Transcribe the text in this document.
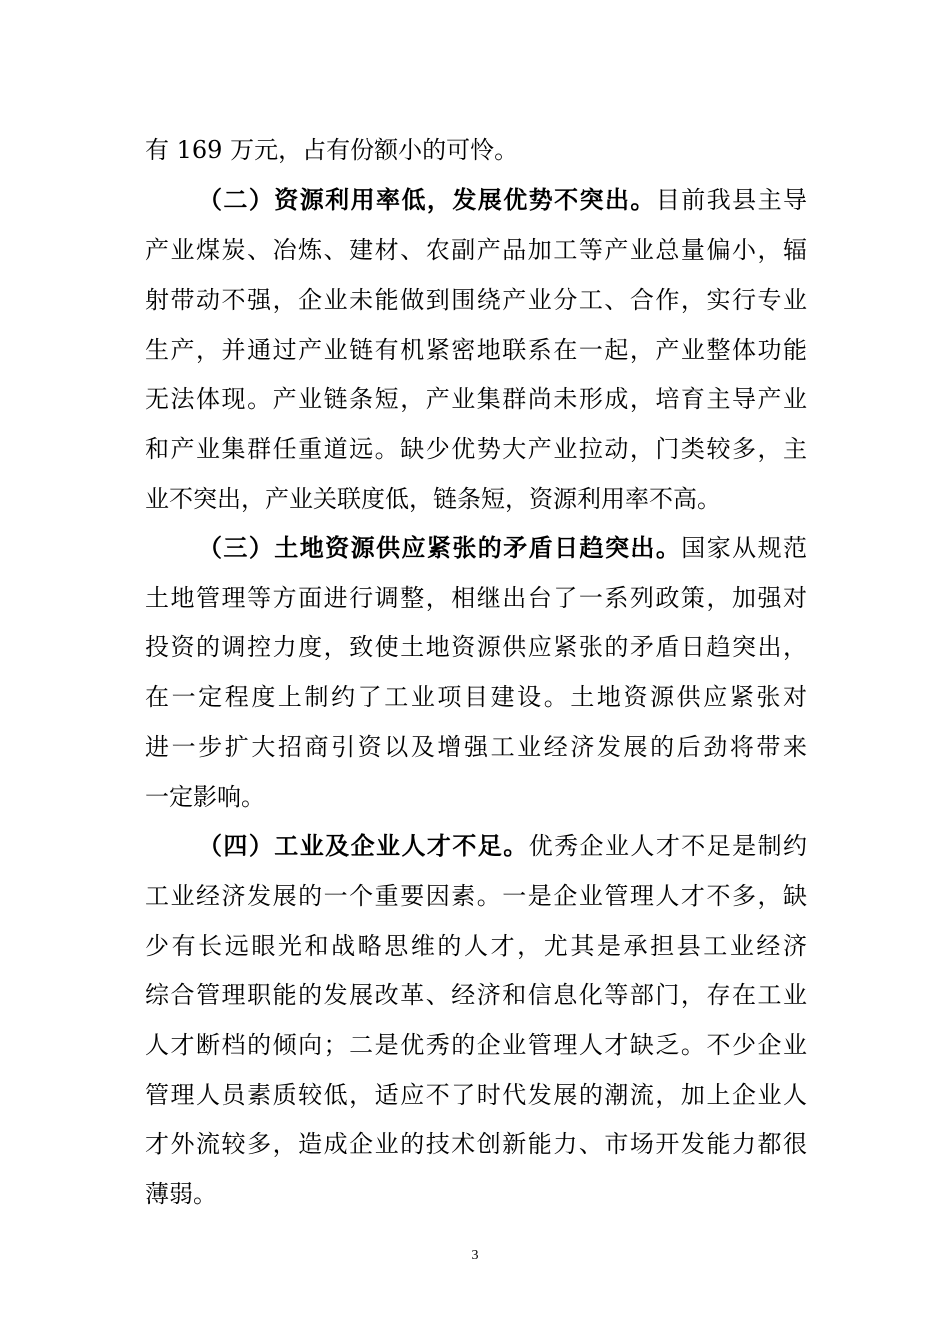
有 169 万元，占有份额小的可怜。
（二）资源利用率低，发展优势不突出。目前我县主导
产业煤炭、冶炼、建材、农副产品加工等产业总量偏小，辐
射带动不强，企业未能做到围绕产业分工、合作，实行专业
生产，并通过产业链有机紧密地联系在一起，产业整体功能
无法体现。产业链条短，产业集群尚未形成，培育主导产业
和产业集群任重道远。缺少优势大产业拉动，门类较多，主
业不突出，产业关联度低，链条短，资源利用率不高。
（三）土地资源供应紧张的矛盾日趋突出。国家从规范
土地管理等方面进行调整，相继出台了一系列政策，加强对
投资的调控力度，致使土地资源供应紧张的矛盾日趋突出，
在一定程度上制约了工业项目建设。土地资源供应紧张对
进一步扩大招商引资以及增强工业经济发展的后劲将带来
一定影响。
（四）工业及企业人才不足。优秀企业人才不足是制约
工业经济发展的一个重要因素。一是企业管理人才不多，缺
少有长远眼光和战略思维的人才，尤其是承担县工业经济
综合管理职能的发展改革、经济和信息化等部门，存在工业
人才断档的倾向；二是优秀的企业管理人才缺乏。不少企业
管理人员素质较低，适应不了时代发展的潮流，加上企业人
才外流较多，造成企业的技术创新能力、市场开发能力都很
薄弱。
3
